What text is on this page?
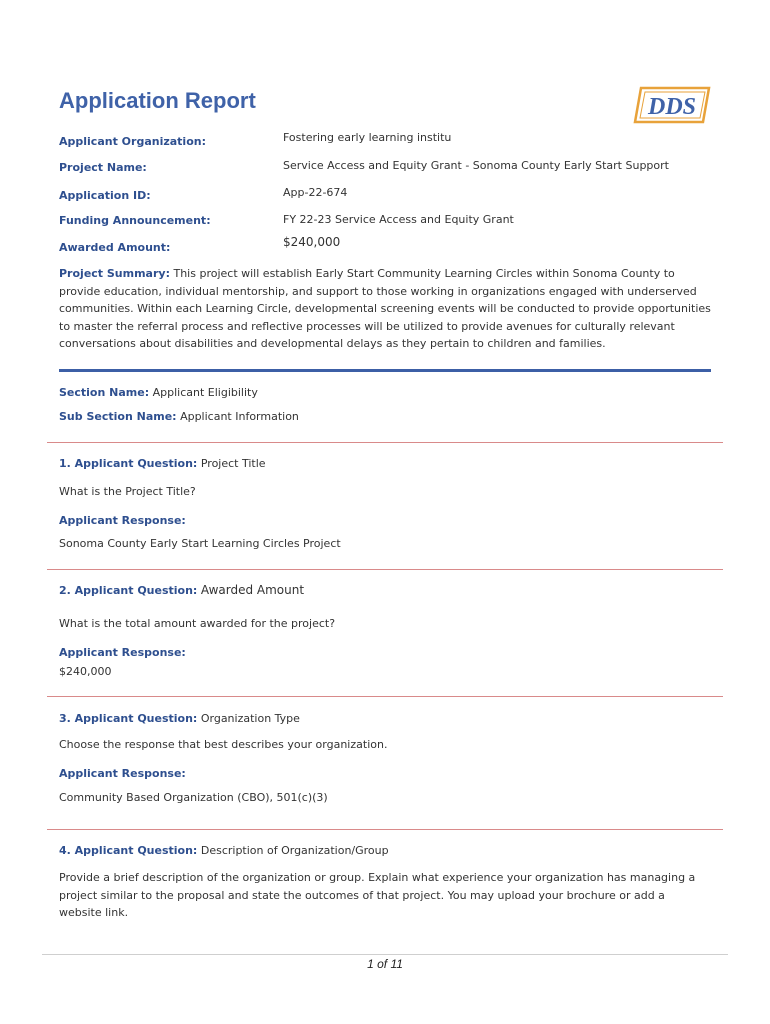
Application Report	DDS
Applicant Organization:	Fostering early learning institu
Project Name:	Service Access and Equity Grant - Sonoma County Early Start Support
Application ID:	App-22-674
Funding Announcement:	FY 22-23 Service Access and Equity Grant
Awarded Amount:	$240,000
Project Summary: This project will establish Early Start Community Learning Circles within Sonoma County to provide education, individual mentorship, and support to those working in organizations engaged with underserved communities. Within each Learning Circle, developmental screening events will be conducted to provide opportunities to master the referral process and reflective processes will be utilized to provide avenues for culturally relevant conversations about disabilities and developmental delays as they pertain to children and families.
Section Name: Applicant Eligibility
Sub Section Name: Applicant Information
1. Applicant Question: Project Title
What is the Project Title?
Applicant Response:
Sonoma County Early Start Learning Circles Project
2. Applicant Question: Awarded Amount
What is the total amount awarded for the project?
Applicant Response:
$240,000
3. Applicant Question: Organization Type
Choose the response that best describes your organization.
Applicant Response:
Community Based Organization (CBO), 501(c)(3)
4. Applicant Question: Description of Organization/Group
Provide a brief description of the organization or group. Explain what experience your organization has managing a project similar to the proposal and state the outcomes of that project. You may upload your brochure or add a website link.
1 of 11
